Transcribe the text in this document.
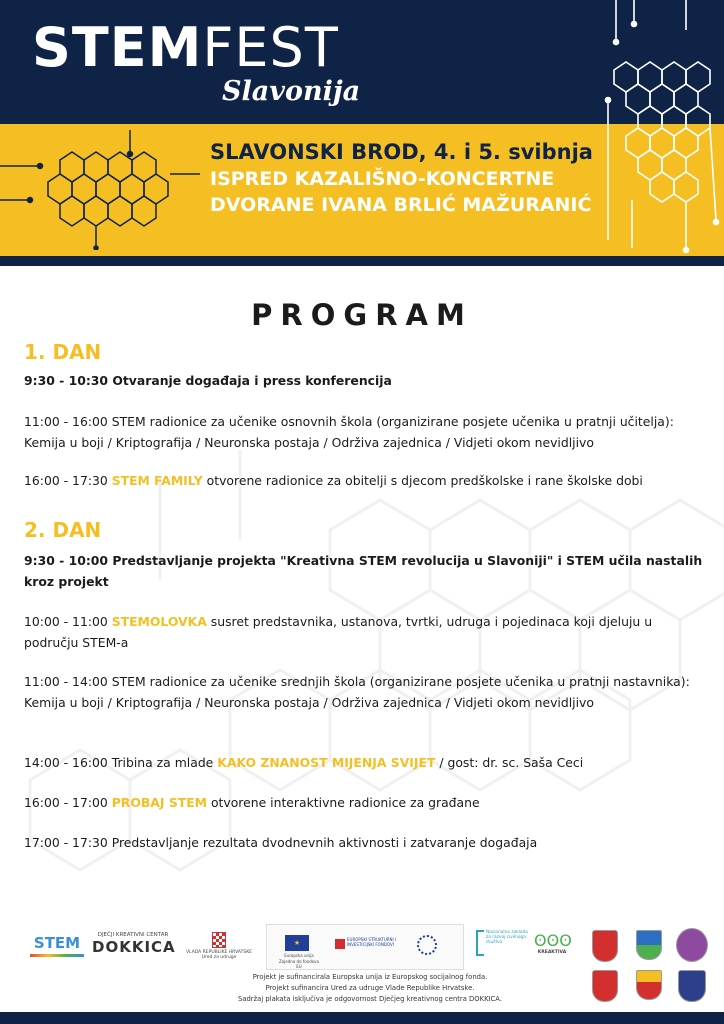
STEMFEST
Slavonija
SLAVONSKI BROD, 4. i 5. svibnja
ISPRED KAZALIŠNO-KONCERTNE
DVORANE IVANA BRLIĆ MAŽURANIĆ
PROGRAM
1. DAN
9:30 - 10:30 Otvaranje događaja i press konferencija
11:00 - 16:00 STEM radionice za učenike osnovnih škola (organizirane posjete učenika u pratnji učitelja): Kemija u boji / Kriptografija / Neuronska postaja / Održiva zajednica / Vidjeti okom nevidljivo
16:00 - 17:30 STEM FAMILY otvorene radionice za obitelji s djecom predškolske i rane školske dobi
2. DAN
9:30 - 10:00 Predstavljanje projekta "Kreativna STEM revolucija u Slavoniji" i STEM učila nastalih kroz projekt
10:00 - 11:00 STEMOLOVKA susret predstavnika, ustanova, tvrtki, udruga i pojedinaca koji djeluju u području STEM-a
11:00 - 14:00 STEM radionice za učenike srednjih škola (organizirane posjete učenika u pratnji nastavnika): Kemija u boji / Kriptografija / Neuronska postaja / Održiva zajednica / Vidjeti okom nevidljivo
14:00 - 16:00 Tribina za mlade KAKO ZNANOST MIJENJA SVIJET / gost: dr. sc. Saša Ceci
16:00 - 17:00 PROBAJ STEM otvorene interaktivne radionice za građane
17:00 - 17:30 Predstavljanje rezultata dvodnevnih aktivnosti i zatvaranje događaja
STEM	DJEČJI KREATIVNI CENTAR
DOKKICA	VLADA REPUBLIKE HRVATSKE
Ured za udruge
★
Europska unija
Zajedno do fondova EU
EUROPSKI STRUKTURNI I INVESTICIJSKI FONDOVI
Nacionalna zaklada za razvoj civilnoga društva	ʘʘʘ
KREAKTIVA
Projekt je sufinancirala Europska unija iz Europskog socijalnog fonda.
Projekt sufinancira Ured za udruge Vlade Republike Hrvatske.
Sadržaj plakata isključiva je odgovornost Dječjeg kreativnog centra DOKKICA.
